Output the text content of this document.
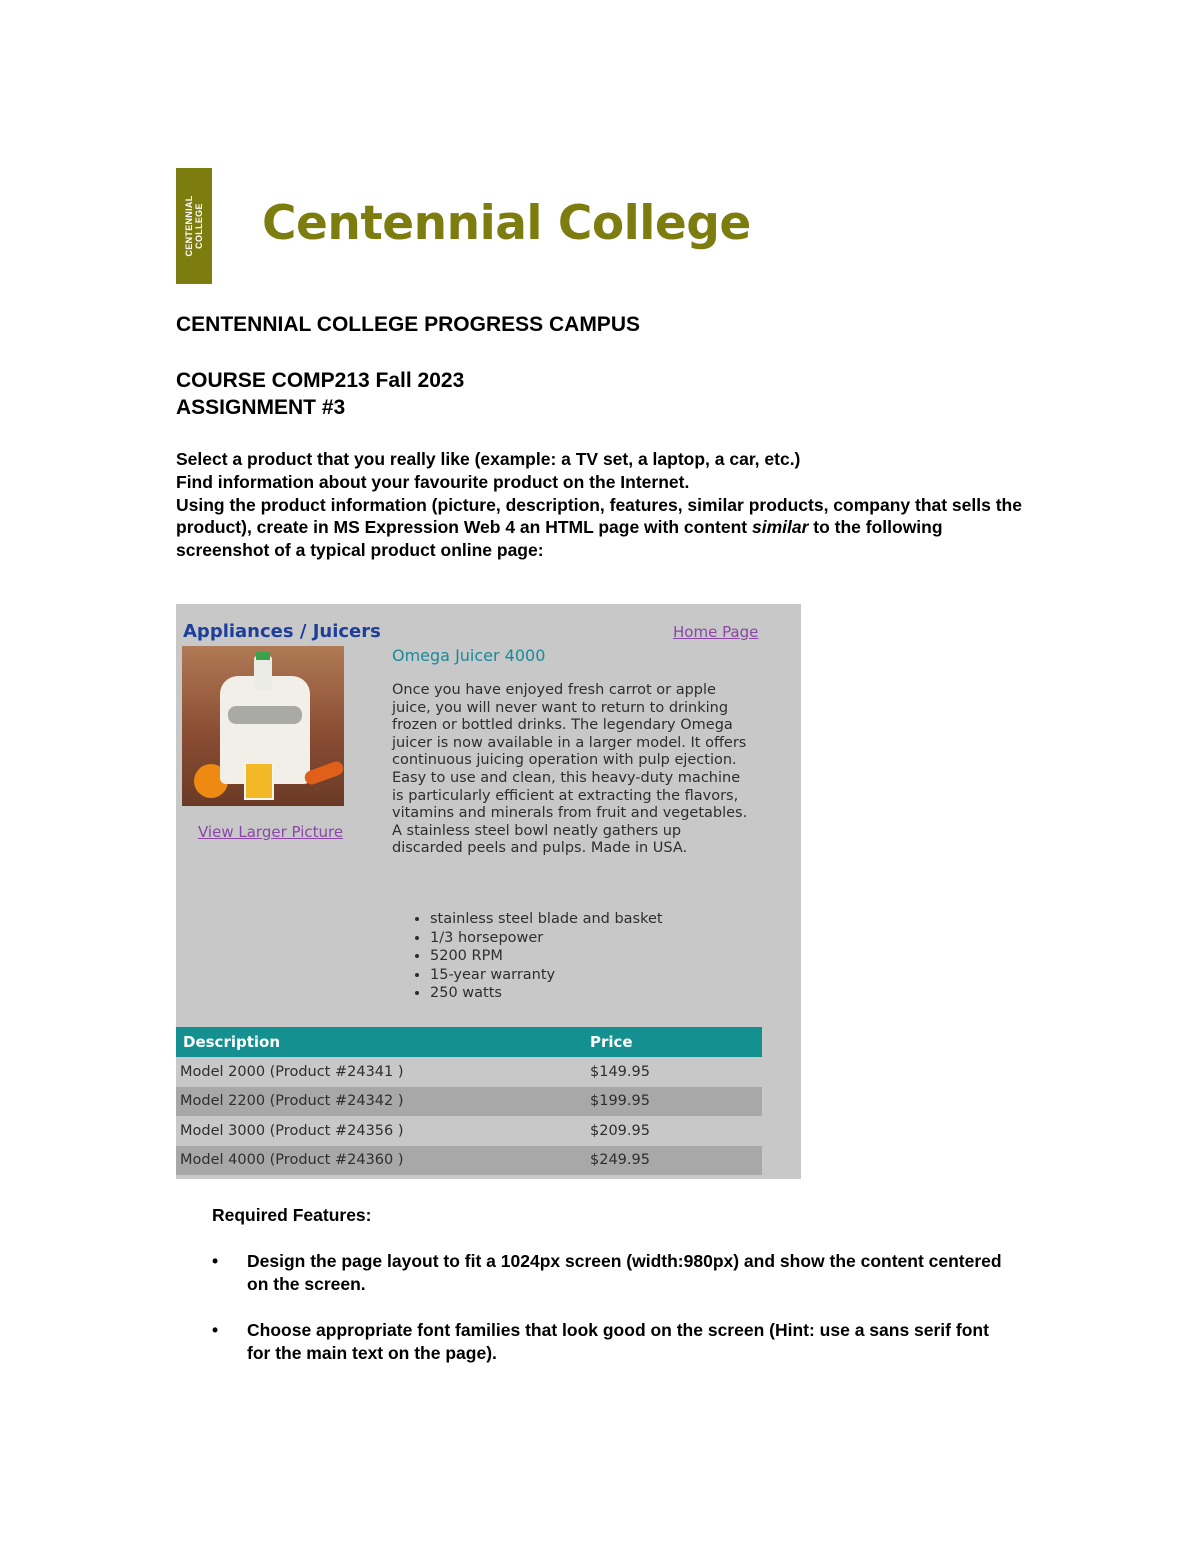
CENTENNIAL COLLEGE Centennial College
CENTENNIAL COLLEGE PROGRESS CAMPUS
COURSE COMP213 Fall 2023
ASSIGNMENT #3
Select a product that you really like (example: a TV set, a laptop, a car, etc.)
Find information about your favourite product on the Internet.
Using the product information (picture, description, features, similar products, company that sells the product), create in MS Expression Web 4 an HTML page with content similar to the following screenshot of a typical product online page:
Appliances / Juicers	Home Page
View Larger Picture
Omega Juicer 4000
Once you have enjoyed fresh carrot or apple juice, you will never want to return to drinking frozen or bottled drinks. The legendary Omega juicer is now available in a larger model. It offers continuous juicing operation with pulp ejection. Easy to use and clean, this heavy-duty machine is particularly efficient at extracting the flavors, vitamins and minerals from fruit and vegetables. A stainless steel bowl neatly gathers up discarded peels and pulps. Made in USA.
• stainless steel blade and basket
• 1/3 horsepower
• 5200 RPM
• 15-year warranty
• 250 watts
Description	Price
Model 2000 (Product #24341 )	$149.95
Model 2200 (Product #24342 )	$199.95
Model 3000 (Product #24356 )	$209.95
Model 4000 (Product #24360 )	$249.95
Required Features:
• Design the page layout to fit a 1024px screen (width:980px) and show the content centered on the screen.
• Choose appropriate font families that look good on the screen (Hint: use a sans serif font for the main text on the page).
